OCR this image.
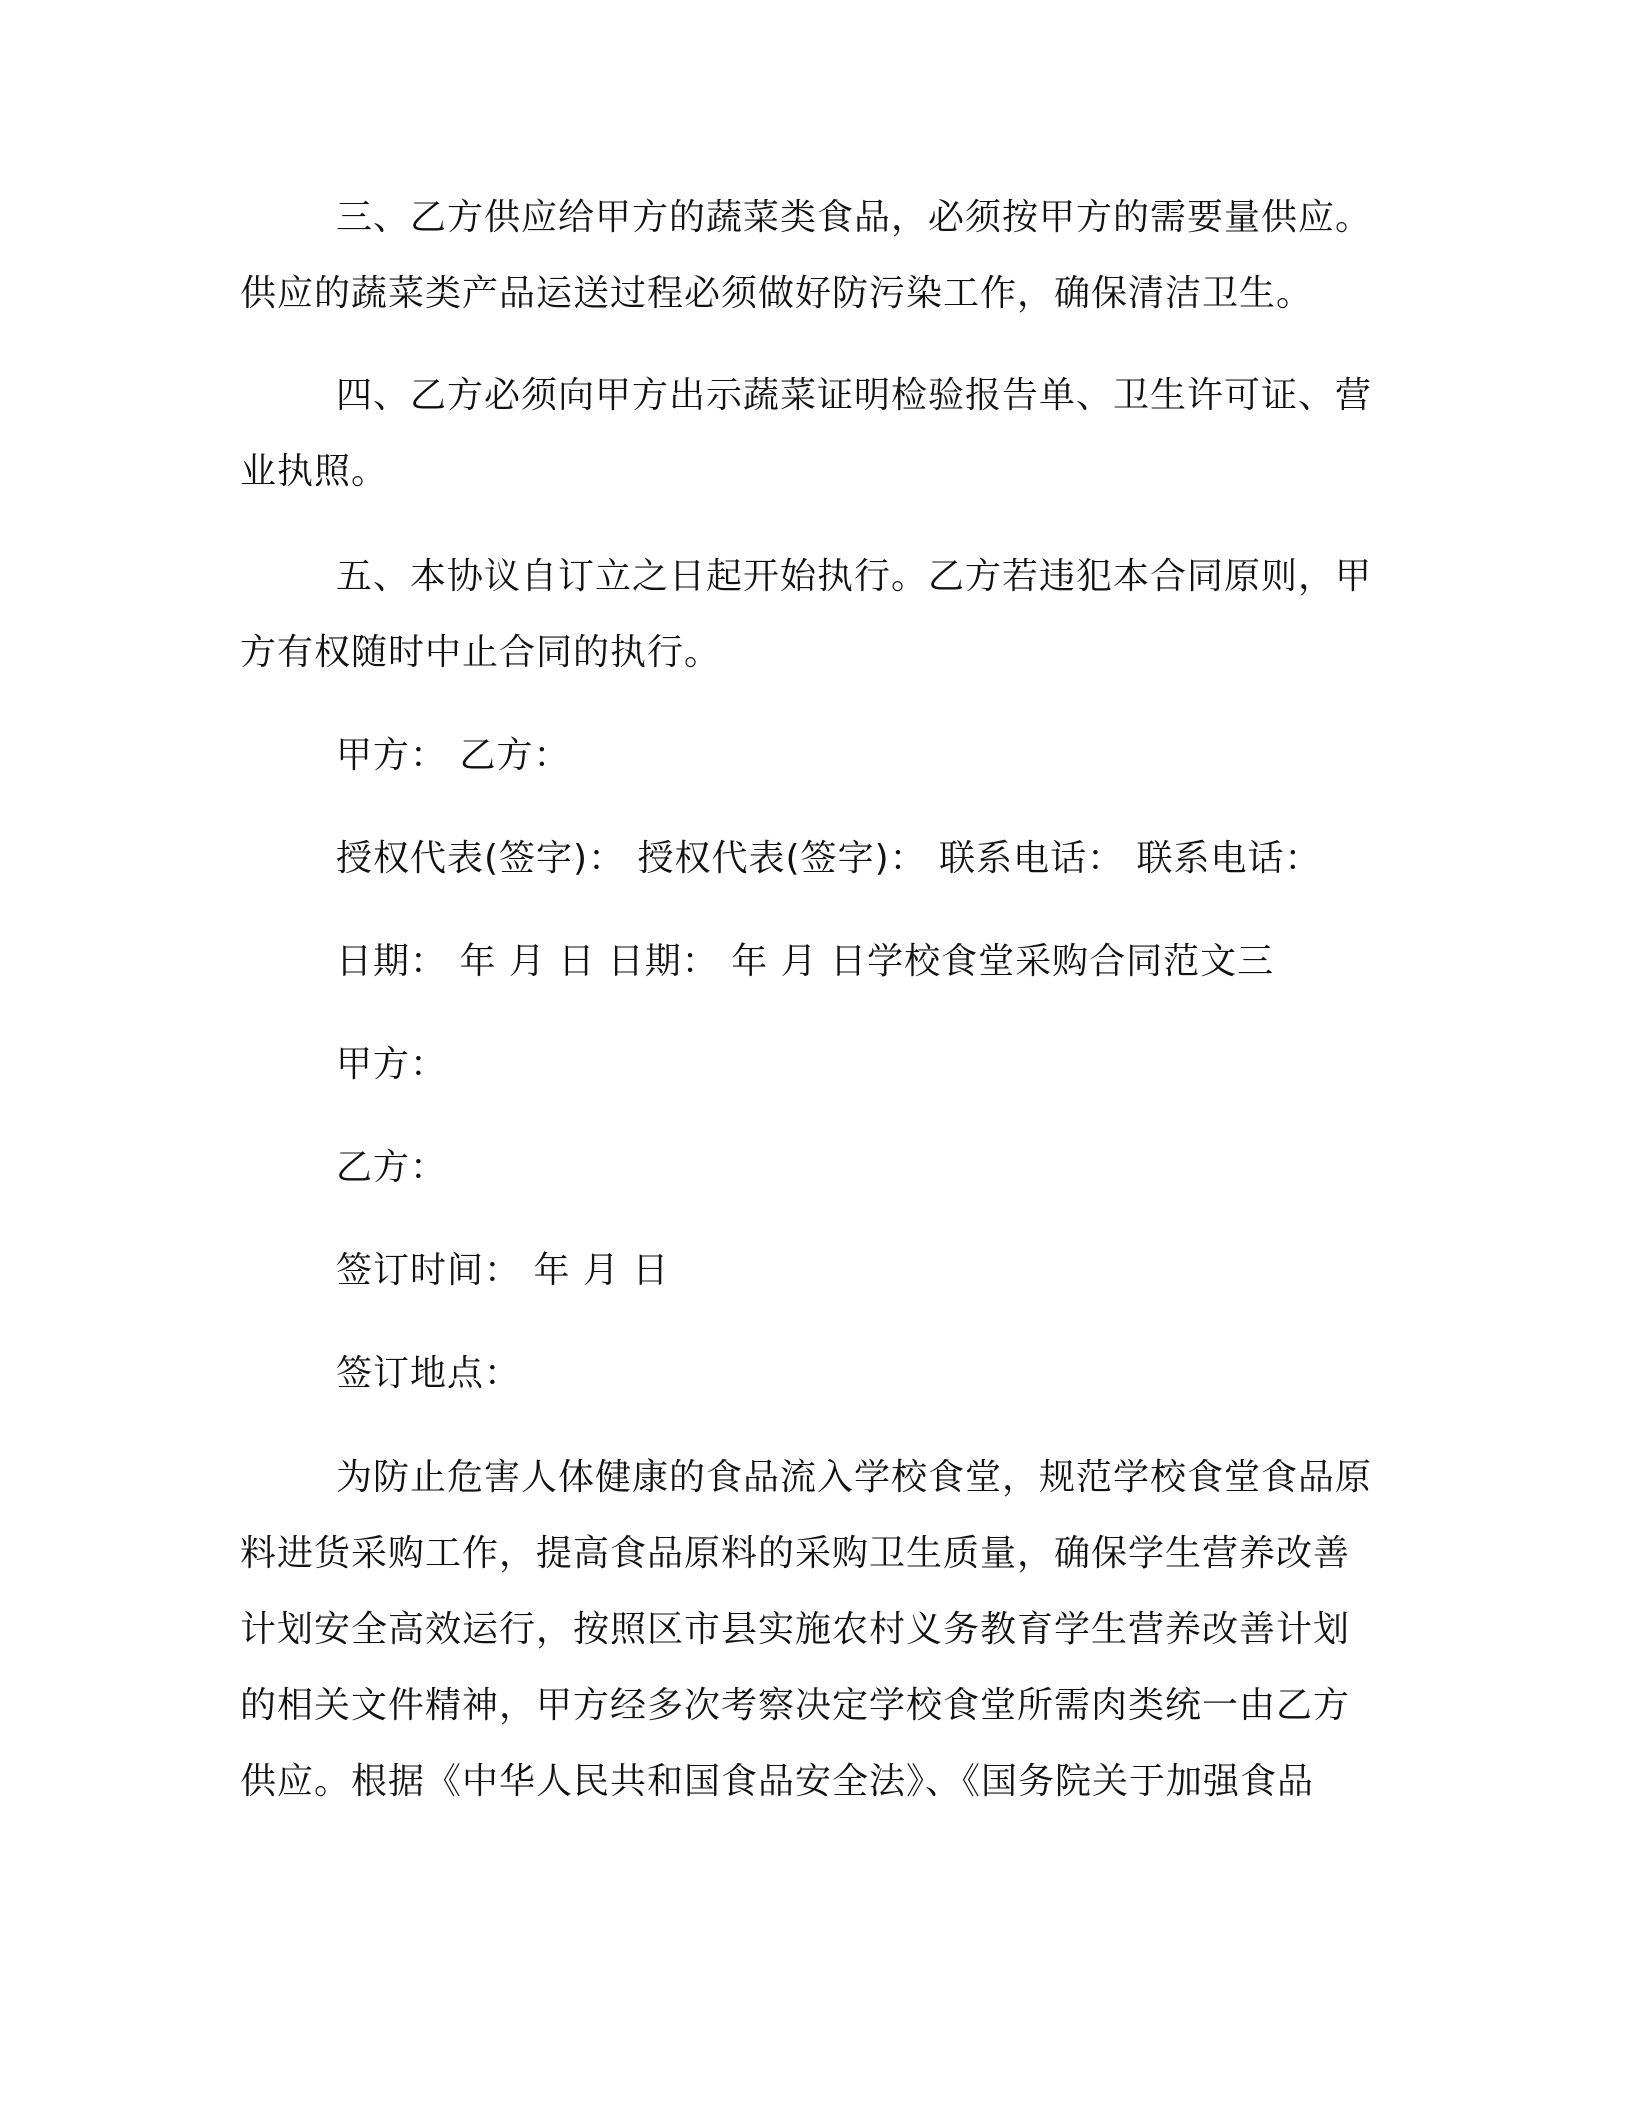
三、乙方供应给甲方的蔬菜类食品，必须按甲方的需要量供应。
供应的蔬菜类产品运送过程必须做好防污染工作，确保清洁卫生。
四、乙方必须向甲方出示蔬菜证明检验报告单、卫生许可证、营
业执照。
五、本协议自订立之日起开始执行。乙方若违犯本合同原则，甲
方有权随时中止合同的执行。
甲方： 乙方：
授权代表(签字)： 授权代表(签字)： 联系电话： 联系电话：
日期： 年 月 日 日期： 年 月 日学校食堂采购合同范文三
甲方：
乙方：
签订时间： 年 月 日
签订地点：
为防止危害人体健康的食品流入学校食堂，规范学校食堂食品原
料进货采购工作，提高食品原料的采购卫生质量，确保学生营养改善
计划安全高效运行，按照区市县实施农村义务教育学生营养改善计划
的相关文件精神，甲方经多次考察决定学校食堂所需肉类统一由乙方
供应。根据《中华人民共和国食品安全法》、《国务院关于加强食品
